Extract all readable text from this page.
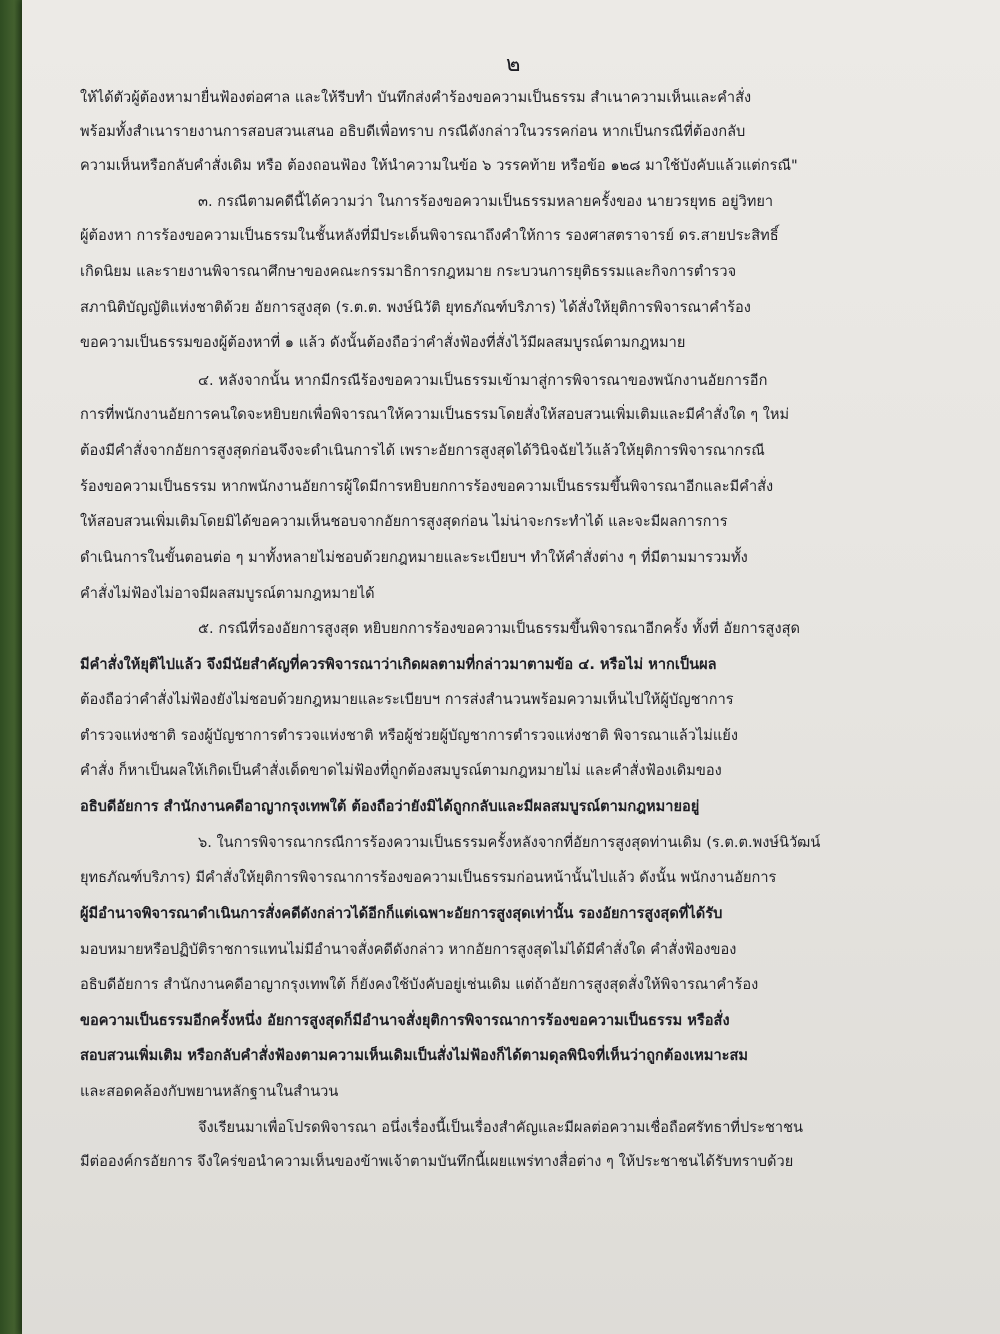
๒
ให้ได้ตัวผู้ต้องหามายื่นฟ้องต่อศาล และให้รีบทำ บันทึกส่งคำร้องขอความเป็นธรรม สำเนาความเห็นและคำสั่ง
พร้อมทั้งสำเนารายงานการสอบสวนเสนอ อธิบดีเพื่อทราบ กรณีดังกล่าวในวรรคก่อน หากเป็นกรณีที่ต้องกลับ
ความเห็นหรือกลับคำสั่งเดิม หรือ ต้องถอนฟ้อง ให้นำความในข้อ ๖ วรรคท้าย หรือข้อ ๑๒๘ มาใช้บังคับแล้วแต่กรณี"
๓. กรณีตามคดีนี้ได้ความว่า ในการร้องขอความเป็นธรรมหลายครั้งของ นายวรยุทธ อยู่วิทยา
ผู้ต้องหา การร้องขอความเป็นธรรมในชั้นหลังที่มีประเด็นพิจารณาถึงคำให้การ รองศาสตราจารย์ ดร.สายประสิทธิ์
เกิดนิยม และรายงานพิจารณาศึกษาของคณะกรรมาธิการกฎหมาย กระบวนการยุติธรรมและกิจการตำรวจ
สภานิติบัญญัติแห่งชาติด้วย อัยการสูงสุด (ร.ต.ต. พงษ์นิวัติ ยุทธภัณฑ์บริภาร) ได้สั่งให้ยุติการพิจารณาคำร้อง
ขอความเป็นธรรมของผู้ต้องหาที่ ๑ แล้ว ดังนั้นต้องถือว่าคำสั่งฟ้องที่สั่งไว้มีผลสมบูรณ์ตามกฎหมาย
๔. หลังจากนั้น หากมีกรณีร้องขอความเป็นธรรมเข้ามาสู่การพิจารณาของพนักงานอัยการอีก
การที่พนักงานอัยการคนใดจะหยิบยกเพื่อพิจารณาให้ความเป็นธรรมโดยสั่งให้สอบสวนเพิ่มเติมและมีคำสั่งใด ๆ ใหม่
ต้องมีคำสั่งจากอัยการสูงสุดก่อนจึงจะดำเนินการได้ เพราะอัยการสูงสุดได้วินิจฉัยไว้แล้วให้ยุติการพิจารณากรณี
ร้องขอความเป็นธรรม หากพนักงานอัยการผู้ใดมีการหยิบยกการร้องขอความเป็นธรรมขึ้นพิจารณาอีกและมีคำสั่ง
ให้สอบสวนเพิ่มเติมโดยมิได้ขอความเห็นชอบจากอัยการสูงสุดก่อน ไม่น่าจะกระทำได้ และจะมีผลการการ
ดำเนินการในขั้นตอนต่อ ๆ มาทั้งหลายไม่ชอบด้วยกฎหมายและระเบียบฯ ทำให้คำสั่งต่าง ๆ ที่มีตามมารวมทั้ง
คำสั่งไม่ฟ้องไม่อาจมีผลสมบูรณ์ตามกฎหมายได้
๕. กรณีที่รองอัยการสูงสุด หยิบยกการร้องขอความเป็นธรรมขึ้นพิจารณาอีกครั้ง ทั้งที่ อัยการสูงสุด
มีคำสั่งให้ยุติไปแล้ว จึงมีนัยสำคัญที่ควรพิจารณาว่าเกิดผลตามที่กล่าวมาตามข้อ ๔. หรือไม่ หากเป็นผล
ต้องถือว่าคำสั่งไม่ฟ้องยังไม่ชอบด้วยกฎหมายและระเบียบฯ การส่งสำนวนพร้อมความเห็นไปให้ผู้บัญชาการ
ตำรวจแห่งชาติ รองผู้บัญชาการตำรวจแห่งชาติ หรือผู้ช่วยผู้บัญชาการตำรวจแห่งชาติ พิจารณาแล้วไม่แย้ง
คำสั่ง ก็หาเป็นผลให้เกิดเป็นคำสั่งเด็ดขาดไม่ฟ้องที่ถูกต้องสมบูรณ์ตามกฎหมายไม่ และคำสั่งฟ้องเดิมของ
อธิบดีอัยการ สำนักงานคดีอาญากรุงเทพใต้ ต้องถือว่ายังมิได้ถูกกลับและมีผลสมบูรณ์ตามกฎหมายอยู่
๖. ในการพิจารณากรณีการร้องความเป็นธรรมครั้งหลังจากที่อัยการสูงสุดท่านเดิม (ร.ต.ต.พงษ์นิวัฒน์
ยุทธภัณฑ์บริภาร) มีคำสั่งให้ยุติการพิจารณาการร้องขอความเป็นธรรมก่อนหน้านั้นไปแล้ว ดังนั้น พนักงานอัยการ
ผู้มีอำนาจพิจารณาดำเนินการสั่งคดีดังกล่าวได้อีกก็แต่เฉพาะอัยการสูงสุดเท่านั้น รองอัยการสูงสุดที่ได้รับ
มอบหมายหรือปฏิบัติราชการแทนไม่มีอำนาจสั่งคดีดังกล่าว หากอัยการสูงสุดไม่ได้มีคำสั่งใด คำสั่งฟ้องของ
อธิบดีอัยการ สำนักงานคดีอาญากรุงเทพใต้ ก็ยังคงใช้บังคับอยู่เช่นเดิม แต่ถ้าอัยการสูงสุดสั่งให้พิจารณาคำร้อง
ขอความเป็นธรรมอีกครั้งหนึ่ง อัยการสูงสุดก็มีอำนาจสั่งยุติการพิจารณาการร้องขอความเป็นธรรม หรือสั่ง
สอบสวนเพิ่มเติม หรือกลับคำสั่งฟ้องตามความเห็นเดิมเป็นสั่งไม่ฟ้องก็ได้ตามดุลพินิจที่เห็นว่าถูกต้องเหมาะสม
และสอดคล้องกับพยานหลักฐานในสำนวน
จึงเรียนมาเพื่อโปรดพิจารณา อนึ่งเรื่องนี้เป็นเรื่องสำคัญและมีผลต่อความเชื่อถือศรัทธาที่ประชาชน
มีต่อองค์กรอัยการ จึงใคร่ขอนำความเห็นของข้าพเจ้าตามบันทึกนี้เผยแพร่ทางสื่อต่าง ๆ ให้ประชาชนได้รับทราบด้วย
